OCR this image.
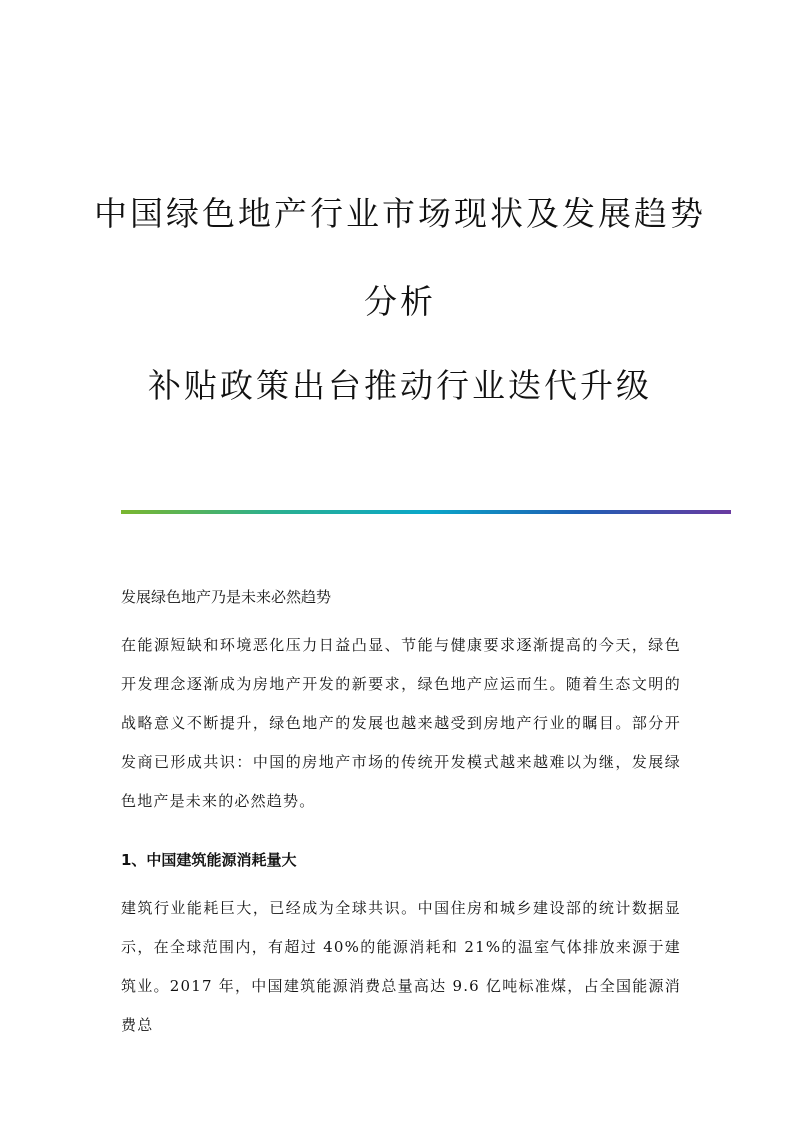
中国绿色地产行业市场现状及发展趋势
分析
补贴政策出台推动行业迭代升级
发展绿色地产乃是未来必然趋势
在能源短缺和环境恶化压力日益凸显、节能与健康要求逐渐提高的今天，绿色开发理念逐渐成为房地产开发的新要求，绿色地产应运而生。随着生态文明的战略意义不断提升，绿色地产的发展也越来越受到房地产行业的瞩目。部分开发商已形成共识：中国的房地产市场的传统开发模式越来越难以为继，发展绿色地产是未来的必然趋势。
1、中国建筑能源消耗量大
建筑行业能耗巨大，已经成为全球共识。中国住房和城乡建设部的统计数据显示，在全球范围内，有超过 40%的能源消耗和 21%的温室气体排放来源于建筑业。2017 年，中国建筑能源消费总量高达 9.6 亿吨标准煤，占全国能源消费总
